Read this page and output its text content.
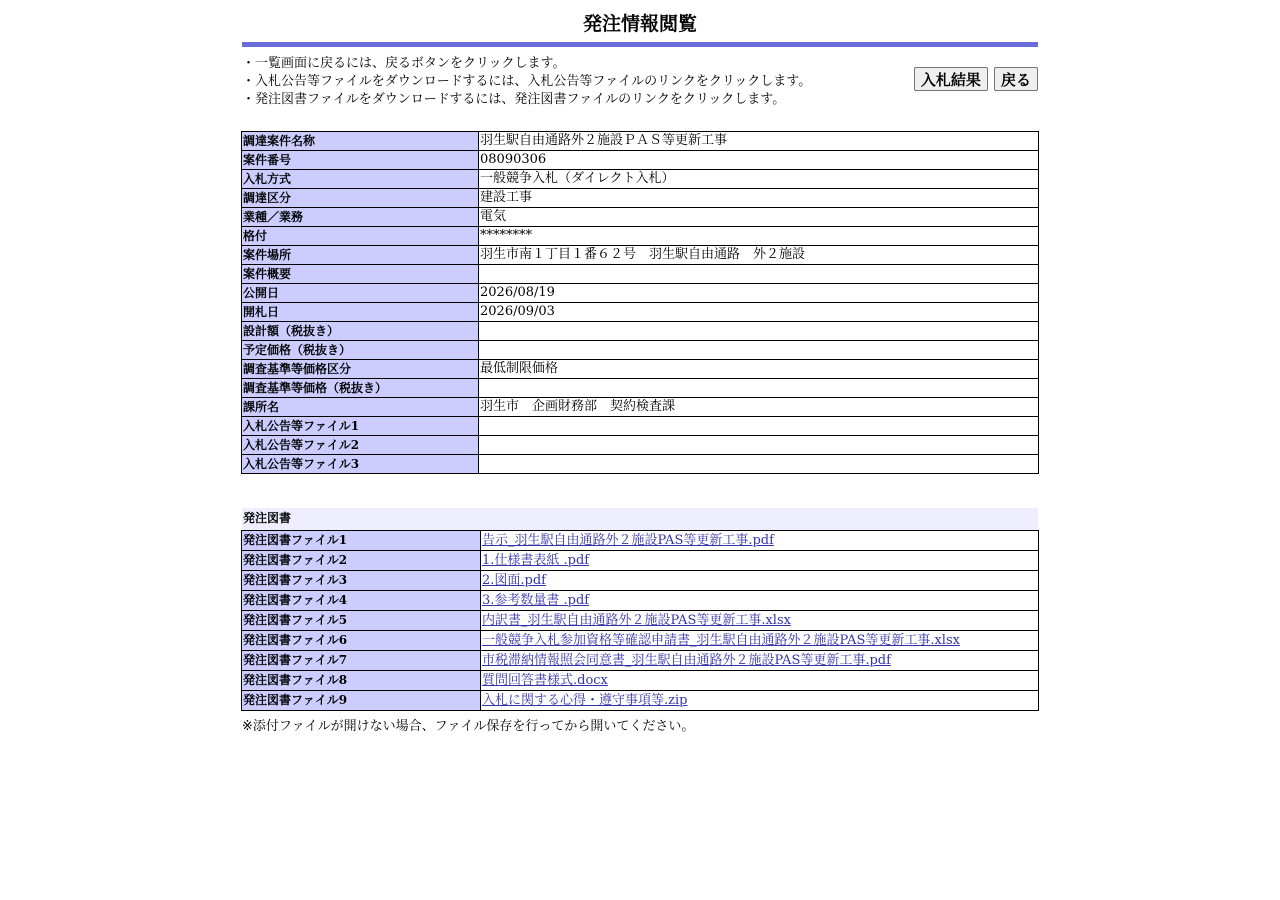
発注情報閲覧
・一覧画面に戻るには、戻るボタンをクリックします。
・入札公告等ファイルをダウンロードするには、入札公告等ファイルのリンクをクリックします。
・発注図書ファイルをダウンロードするには、発注図書ファイルのリンクをクリックします。
入札結果 戻る
調達案件名称	羽生駅自由通路外２施設ＰＡＳ等更新工事
案件番号	08090306
入札方式	一般競争入札（ダイレクト入札）
調達区分	建設工事
業種／業務	電気
格付	********
案件場所	羽生市南１丁目１番６２号　羽生駅自由通路　外２施設
案件概要	
公開日	2026/08/19
開札日	2026/09/03
設計額（税抜き）	
予定価格（税抜き）	
調査基準等価格区分	最低制限価格
調査基準等価格（税抜き）	
課所名	羽生市　企画財務部　契約検査課
入札公告等ファイル1	
入札公告等ファイル2	
入札公告等ファイル3	
発注図書
発注図書ファイル1	告示_羽生駅自由通路外２施設PAS等更新工事.pdf
発注図書ファイル2	1.仕様書表紙 .pdf
発注図書ファイル3	2.図面.pdf
発注図書ファイル4	3.参考数量書 .pdf
発注図書ファイル5	内訳書_羽生駅自由通路外２施設PAS等更新工事.xlsx
発注図書ファイル6	一般競争入札参加資格等確認申請書_羽生駅自由通路外２施設PAS等更新工事.xlsx
発注図書ファイル7	市税滞納情報照会同意書_羽生駅自由通路外２施設PAS等更新工事.pdf
発注図書ファイル8	質問回答書様式.docx
発注図書ファイル9	入札に関する心得・遵守事項等.zip
※添付ファイルが開けない場合、ファイル保存を行ってから開いてください。
